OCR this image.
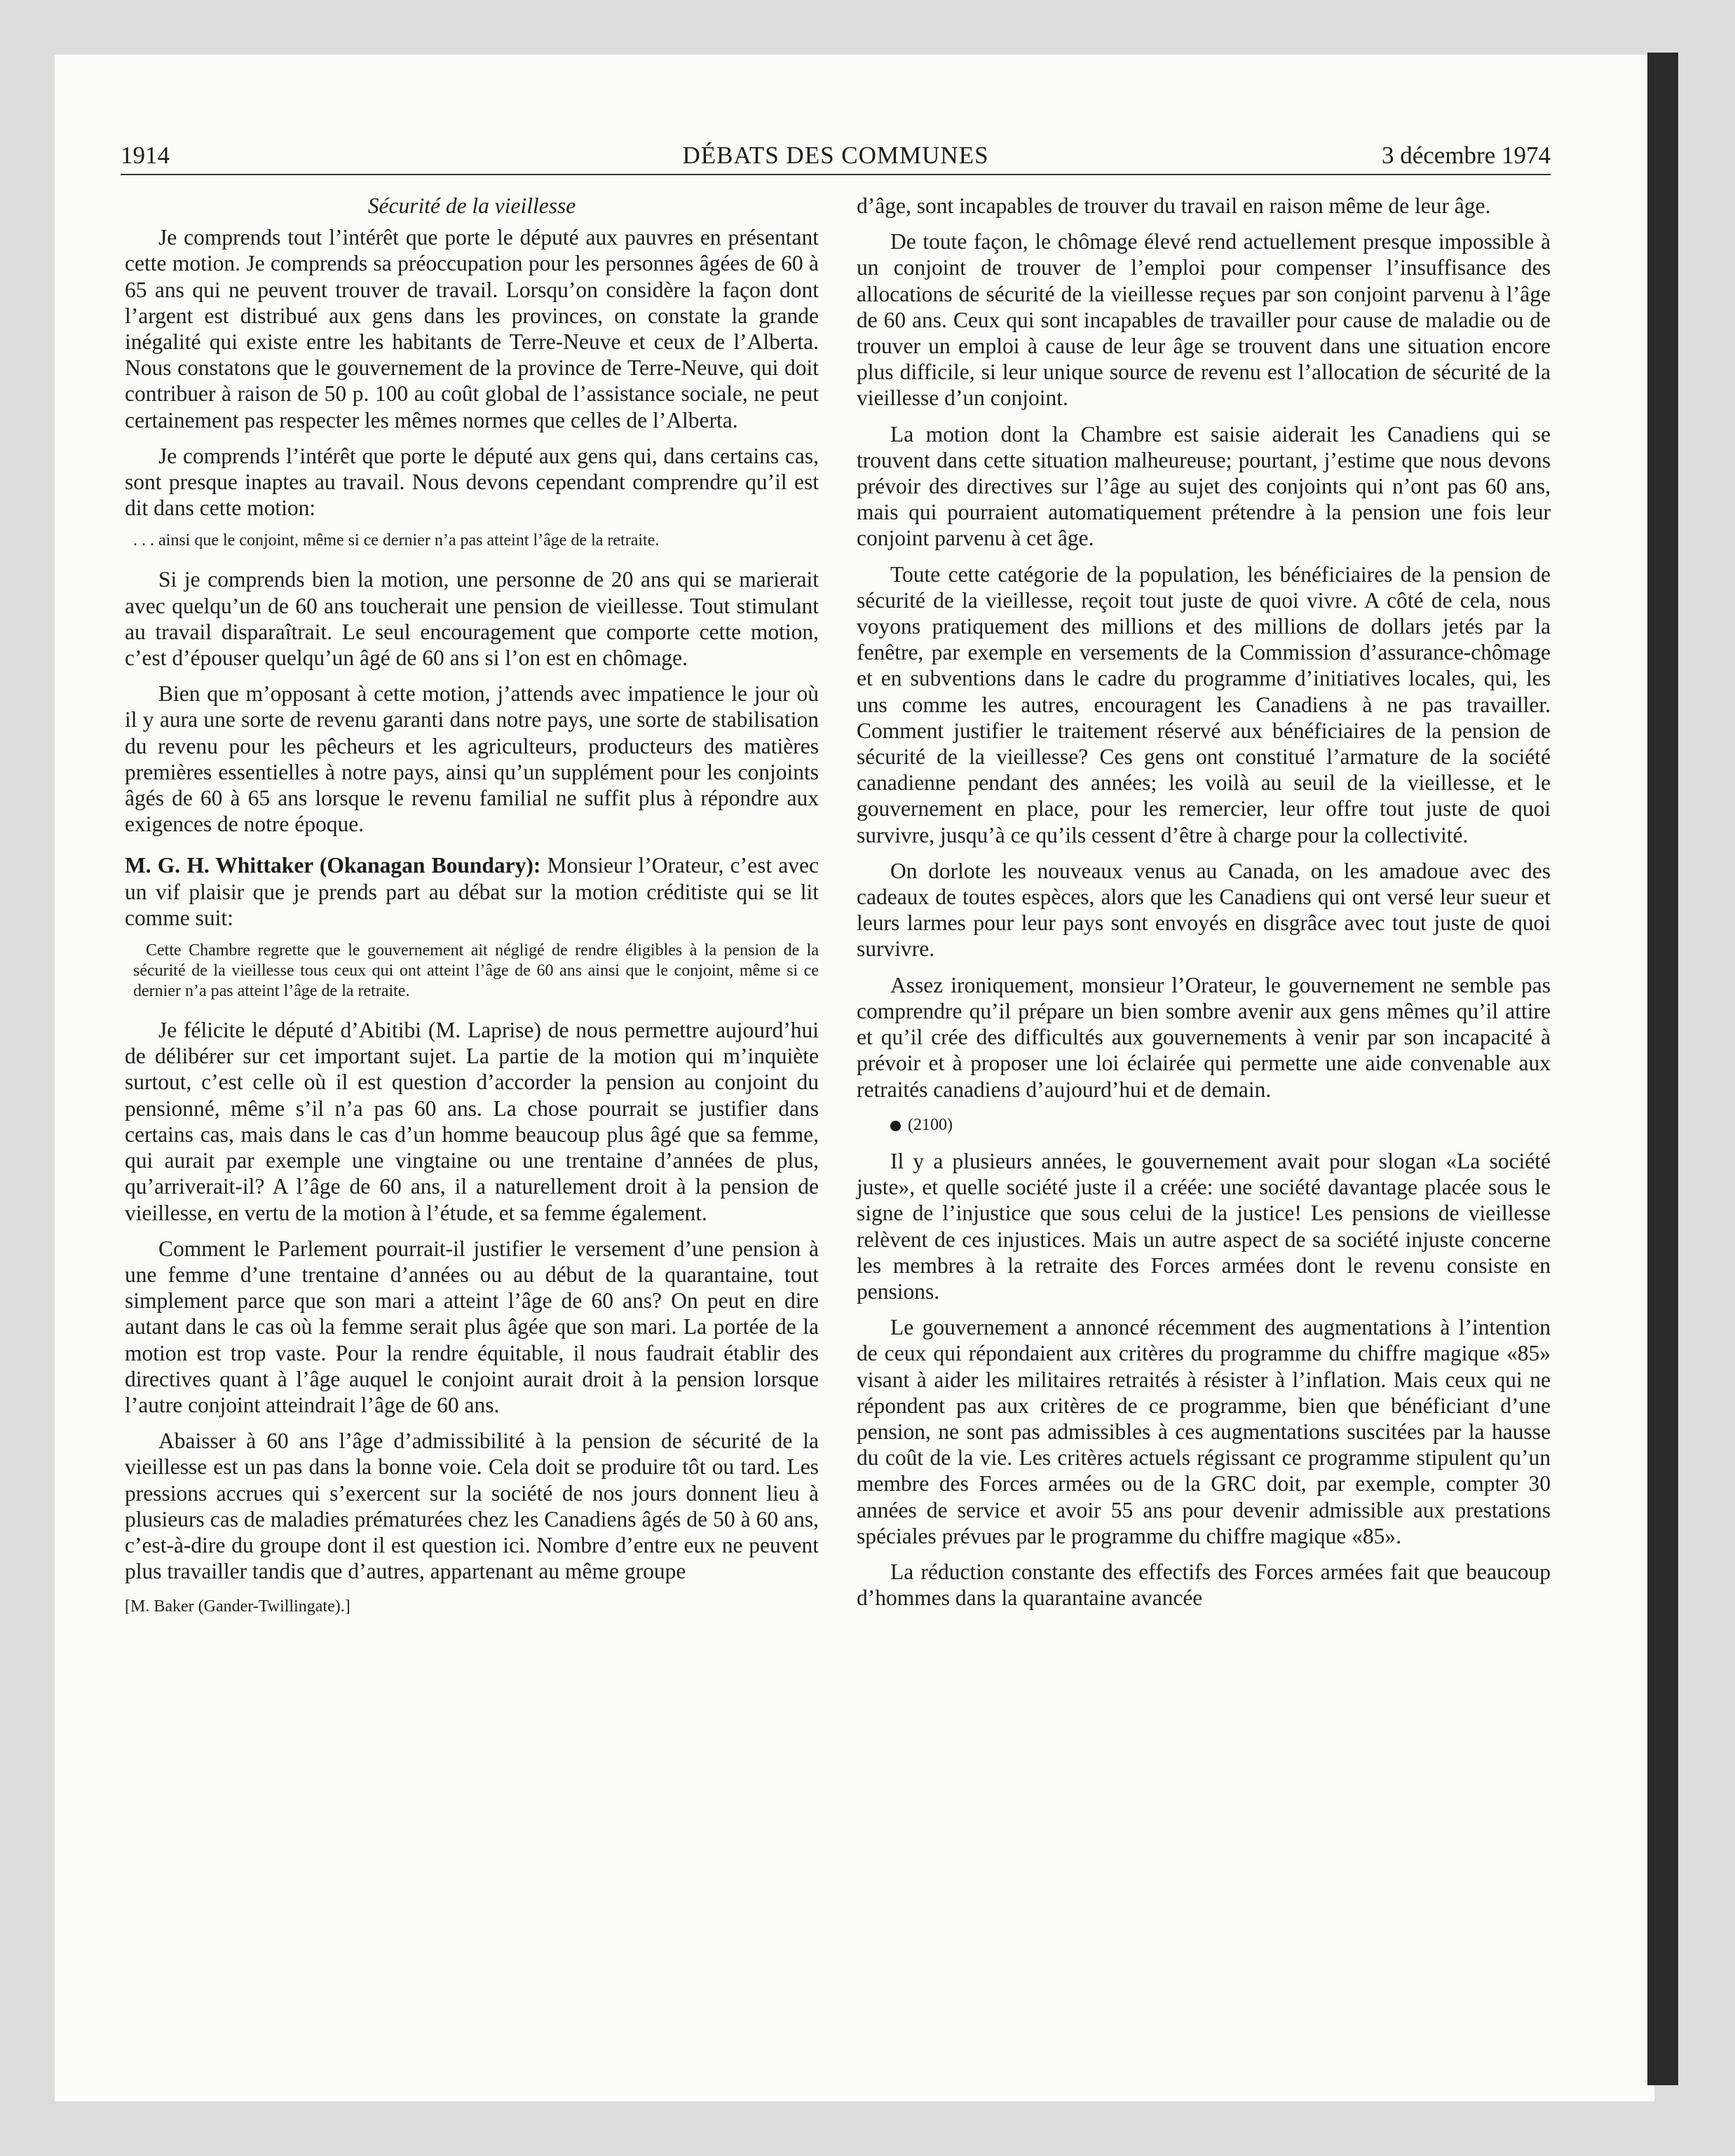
1914	DÉBATS DES COMMUNES	3 décembre 1974

Sécurité de la vieillesse

Je comprends tout l’intérêt que porte le député aux pauvres en présentant cette motion. Je comprends sa préoccupation pour les personnes âgées de 60 à 65 ans qui ne peuvent trouver de travail. Lorsqu’on considère la façon dont l’argent est distribué aux gens dans les provinces, on constate la grande inégalité qui existe entre les habitants de Terre-Neuve et ceux de l’Alberta. Nous constatons que le gouvernement de la province de Terre-Neuve, qui doit contribuer à raison de 50 p. 100 au coût global de l’assistance sociale, ne peut certainement pas respecter les mêmes normes que celles de l’Alberta.

Je comprends l’intérêt que porte le député aux gens qui, dans certains cas, sont presque inaptes au travail. Nous devons cependant comprendre qu’il est dit dans cette motion:

. . . ainsi que le conjoint, même si ce dernier n’a pas atteint l’âge de la retraite.

Si je comprends bien la motion, une personne de 20 ans qui se marierait avec quelqu’un de 60 ans toucherait une pension de vieillesse. Tout stimulant au travail disparaîtrait. Le seul encouragement que comporte cette motion, c’est d’épouser quelqu’un âgé de 60 ans si l’on est en chômage.

Bien que m’opposant à cette motion, j’attends avec impatience le jour où il y aura une sorte de revenu garanti dans notre pays, une sorte de stabilisation du revenu pour les pêcheurs et les agriculteurs, producteurs des matières premières essentielles à notre pays, ainsi qu’un supplément pour les conjoints âgés de 60 à 65 ans lorsque le revenu familial ne suffit plus à répondre aux exigences de notre époque.

M. G. H. Whittaker (Okanagan Boundary): Monsieur l’Orateur, c’est avec un vif plaisir que je prends part au débat sur la motion créditiste qui se lit comme suit:

Cette Chambre regrette que le gouvernement ait négligé de rendre éligibles à la pension de la sécurité de la vieillesse tous ceux qui ont atteint l’âge de 60 ans ainsi que le conjoint, même si ce dernier n’a pas atteint l’âge de la retraite.

Je félicite le député d’Abitibi (M. Laprise) de nous permettre aujourd’hui de délibérer sur cet important sujet. La partie de la motion qui m’inquiète surtout, c’est celle où il est question d’accorder la pension au conjoint du pensionné, même s’il n’a pas 60 ans. La chose pourrait se justifier dans certains cas, mais dans le cas d’un homme beaucoup plus âgé que sa femme, qui aurait par exemple une vingtaine ou une trentaine d’années de plus, qu’arriverait-il? A l’âge de 60 ans, il a naturellement droit à la pension de vieillesse, en vertu de la motion à l’étude, et sa femme également.

Comment le Parlement pourrait-il justifier le versement d’une pension à une femme d’une trentaine d’années ou au début de la quarantaine, tout simplement parce que son mari a atteint l’âge de 60 ans? On peut en dire autant dans le cas où la femme serait plus âgée que son mari. La portée de la motion est trop vaste. Pour la rendre équitable, il nous faudrait établir des directives quant à l’âge auquel le conjoint aurait droit à la pension lorsque l’autre conjoint atteindrait l’âge de 60 ans.

Abaisser à 60 ans l’âge d’admissibilité à la pension de sécurité de la vieillesse est un pas dans la bonne voie. Cela doit se produire tôt ou tard. Les pressions accrues qui s’exercent sur la société de nos jours donnent lieu à plusieurs cas de maladies prématurées chez les Canadiens âgés de 50 à 60 ans, c’est-à-dire du groupe dont il est question ici. Nombre d’entre eux ne peuvent plus travailler tandis que d’autres, appartenant au même groupe

[M. Baker (Gander-Twillingate).]

d’âge, sont incapables de trouver du travail en raison même de leur âge.

De toute façon, le chômage élevé rend actuellement presque impossible à un conjoint de trouver de l’emploi pour compenser l’insuffisance des allocations de sécurité de la vieillesse reçues par son conjoint parvenu à l’âge de 60 ans. Ceux qui sont incapables de travailler pour cause de maladie ou de trouver un emploi à cause de leur âge se trouvent dans une situation encore plus difficile, si leur unique source de revenu est l’allocation de sécurité de la vieillesse d’un conjoint.

La motion dont la Chambre est saisie aiderait les Canadiens qui se trouvent dans cette situation malheureuse; pourtant, j’estime que nous devons prévoir des directives sur l’âge au sujet des conjoints qui n’ont pas 60 ans, mais qui pourraient automatiquement prétendre à la pension une fois leur conjoint parvenu à cet âge.

Toute cette catégorie de la population, les bénéficiaires de la pension de sécurité de la vieillesse, reçoit tout juste de quoi vivre. A côté de cela, nous voyons pratiquement des millions et des millions de dollars jetés par la fenêtre, par exemple en versements de la Commission d’assurance-chômage et en subventions dans le cadre du programme d’initiatives locales, qui, les uns comme les autres, encouragent les Canadiens à ne pas travailler. Comment justifier le traitement réservé aux bénéficiaires de la pension de sécurité de la vieillesse? Ces gens ont constitué l’armature de la société canadienne pendant des années; les voilà au seuil de la vieillesse, et le gouvernement en place, pour les remercier, leur offre tout juste de quoi survivre, jusqu’à ce qu’ils cessent d’être à charge pour la collectivité.

On dorlote les nouveaux venus au Canada, on les amadoue avec des cadeaux de toutes espèces, alors que les Canadiens qui ont versé leur sueur et leurs larmes pour leur pays sont envoyés en disgrâce avec tout juste de quoi survivre.

Assez ironiquement, monsieur l’Orateur, le gouvernement ne semble pas comprendre qu’il prépare un bien sombre avenir aux gens mêmes qu’il attire et qu’il crée des difficultés aux gouvernements à venir par son incapacité à prévoir et à proposer une loi éclairée qui permette une aide convenable aux retraités canadiens d’aujourd’hui et de demain.

(2100)

Il y a plusieurs années, le gouvernement avait pour slogan «La société juste», et quelle société juste il a créée: une société davantage placée sous le signe de l’injustice que sous celui de la justice! Les pensions de vieillesse relèvent de ces injustices. Mais un autre aspect de sa société injuste concerne les membres à la retraite des Forces armées dont le revenu consiste en pensions.

Le gouvernement a annoncé récemment des augmentations à l’intention de ceux qui répondaient aux critères du programme du chiffre magique «85» visant à aider les militaires retraités à résister à l’inflation. Mais ceux qui ne répondent pas aux critères de ce programme, bien que bénéficiant d’une pension, ne sont pas admissibles à ces augmentations suscitées par la hausse du coût de la vie. Les critères actuels régissant ce programme stipulent qu’un membre des Forces armées ou de la GRC doit, par exemple, compter 30 années de service et avoir 55 ans pour devenir admissible aux prestations spéciales prévues par le programme du chiffre magique «85».

La réduction constante des effectifs des Forces armées fait que beaucoup d’hommes dans la quarantaine avancée
